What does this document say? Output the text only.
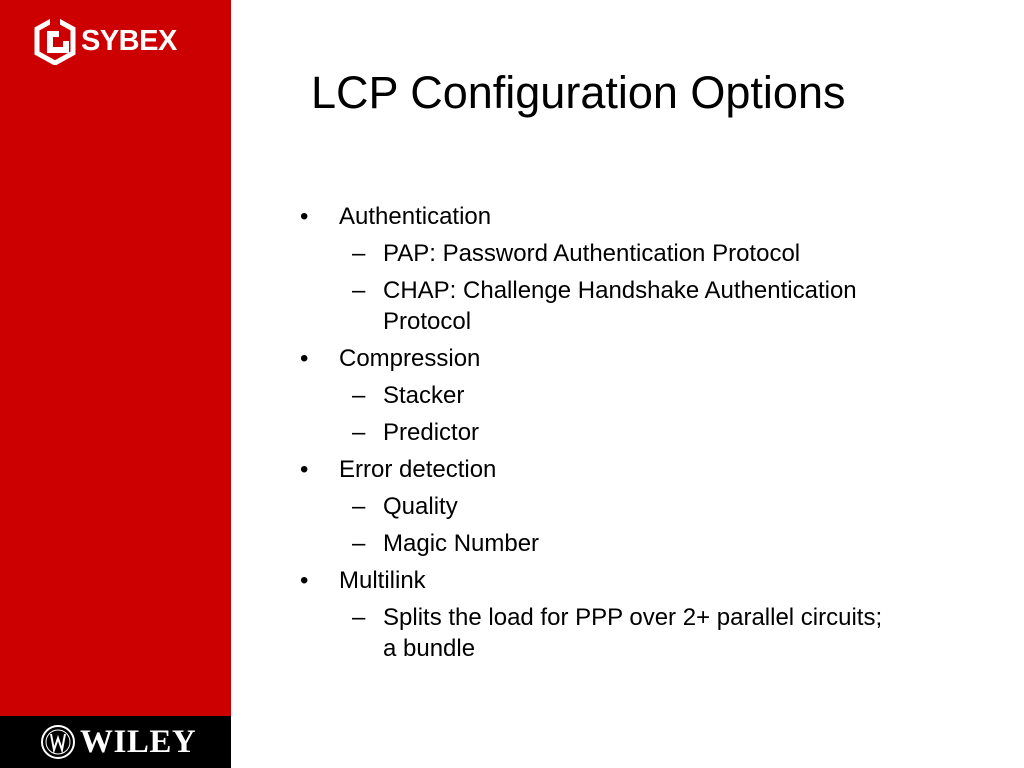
SYBEX
WILEY
LCP Configuration Options
•	Authentication
– PAP: Password Authentication Protocol
– CHAP: Challenge Handshake Authentication Protocol
•	Compression
– Stacker
– Predictor
•	Error detection
– Quality
– Magic Number
•	Multilink
– Splits the load for PPP over 2+ parallel circuits; a bundle
